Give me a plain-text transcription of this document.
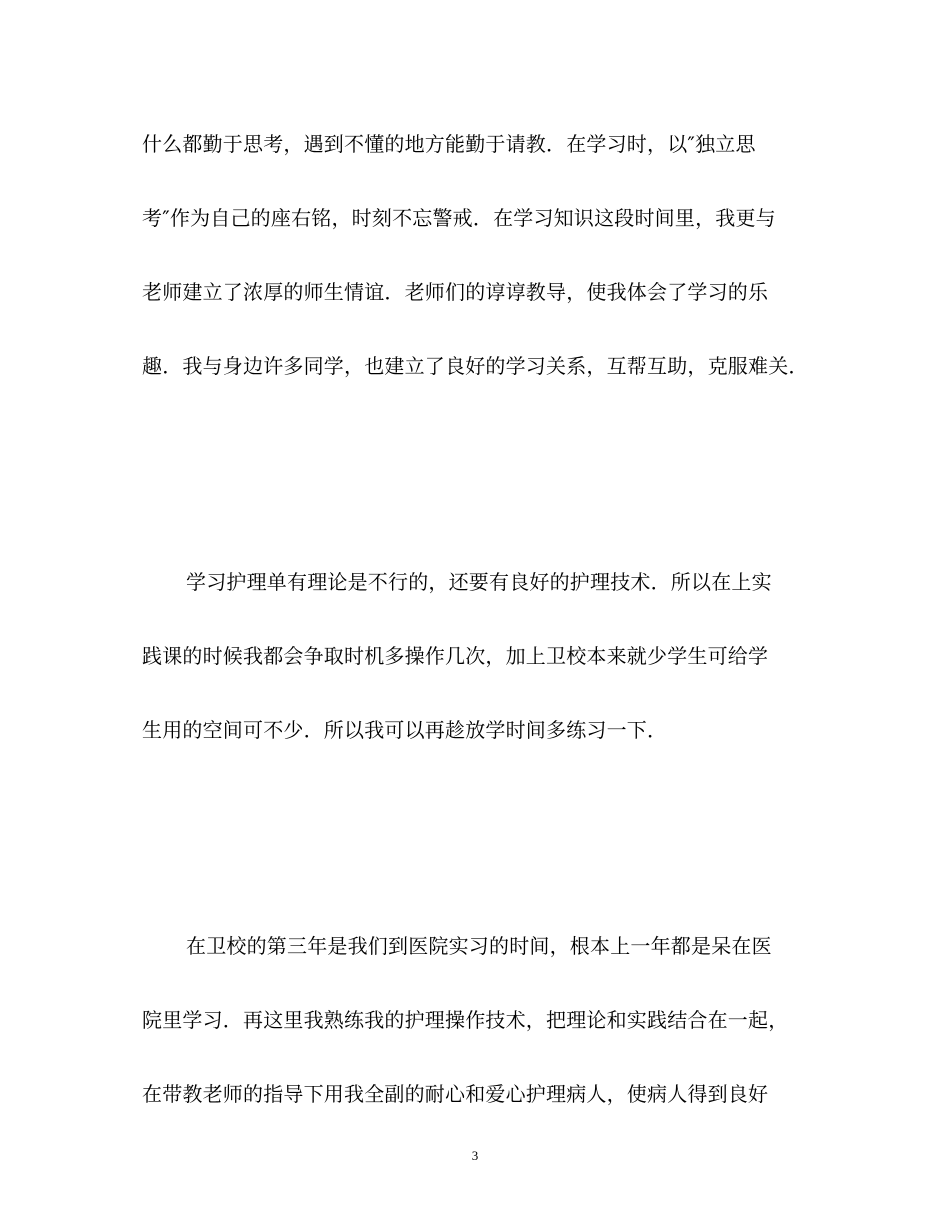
什么都勤于思考，遇到不懂的地方能勤于请教．在学习时，以″独立思
考″作为自己的座右铭，时刻不忘警戒．在学习知识这段时间里，我更与
老师建立了浓厚的师生情谊．老师们的谆谆教导，使我体会了学习的乐
趣．我与身边许多同学，也建立了良好的学习关系，互帮互助，克服难关．
学习护理单有理论是不行的，还要有良好的护理技术．所以在上实
践课的时候我都会争取时机多操作几次，加上卫校本来就少学生可给学
生用的空间可不少．所以我可以再趁放学时间多练习一下．
在卫校的第三年是我们到医院实习的时间，根本上一年都是呆在医
院里学习．再这里我熟练我的护理操作技术，把理论和实践结合在一起，
在带教老师的指导下用我全副的耐心和爱心护理病人，使病人得到良好
3
